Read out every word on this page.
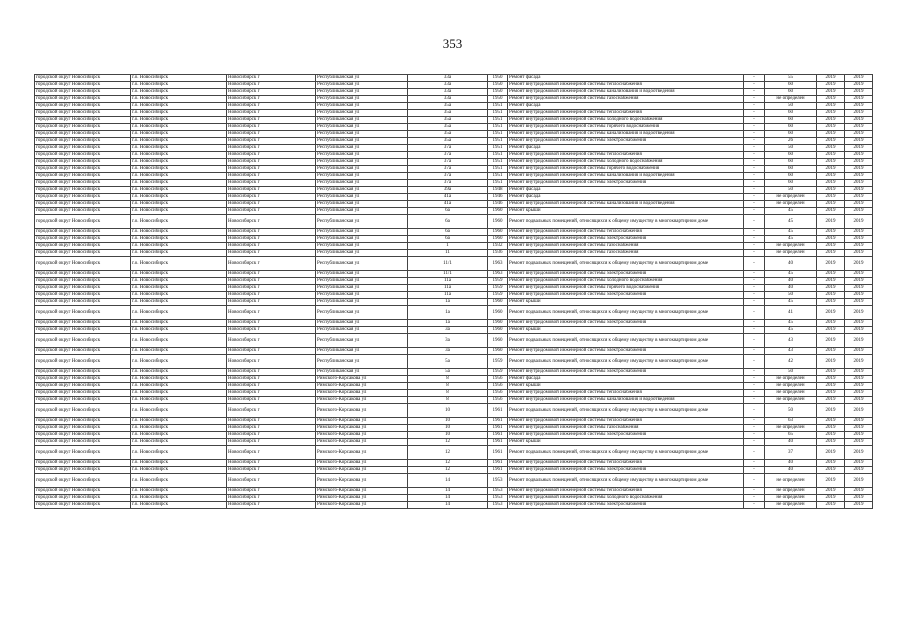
353
городской округ Новосибирск	г.о. Новосибирск	Новосибирск г	Республиканская ул	33а	1950	Ремонт фасада	-	55	2019	2019
городской округ Новосибирск	г.о. Новосибирск	Новосибирск г	Республиканская ул	33а	1950	Ремонт внутридомовой инженерной системы теплоснабжения	-	60	2019	2019
городской округ Новосибирск	г.о. Новосибирск	Новосибирск г	Республиканская ул	33а	1950	Ремонт внутридомовой инженерной системы канализования и водоотведения	-	60	2019	2019
городской округ Новосибирск	г.о. Новосибирск	Новосибирск г	Республиканская ул	33а	1950	Ремонт внутридомовой инженерной системы газоснабжения	-	не определен	2019	2019
городской округ Новосибирск	г.о. Новосибирск	Новосибирск г	Республиканская ул	35а	1951	Ремонт фасада	-	50	2019	2019
городской округ Новосибирск	г.о. Новосибирск	Новосибирск г	Республиканская ул	35а	1951	Ремонт внутридомовой инженерной системы теплоснабжения	-	60	2019	2019
городской округ Новосибирск	г.о. Новосибирск	Новосибирск г	Республиканская ул	35а	1951	Ремонт внутридомовой инженерной системы холодного водоснабжения	-	60	2019	2019
городской округ Новосибирск	г.о. Новосибирск	Новосибирск г	Республиканская ул	35а	1951	Ремонт внутридомовой инженерной системы горячего водоснабжения	-	60	2019	2019
городской округ Новосибирск	г.о. Новосибирск	Новосибирск г	Республиканская ул	35а	1951	Ремонт внутридомовой инженерной системы канализования и водоотведения	-	60	2019	2019
городской округ Новосибирск	г.о. Новосибирск	Новосибирск г	Республиканская ул	35а	1951	Ремонт внутридомовой инженерной системы электроснабжения	-	26	2019	2019
городской округ Новосибирск	г.о. Новосибирск	Новосибирск г	Республиканская ул	37а	1951	Ремонт фасада	-	50	2019	2019
городской округ Новосибирск	г.о. Новосибирск	Новосибирск г	Республиканская ул	37а	1951	Ремонт внутридомовой инженерной системы теплоснабжения	-	60	2019	2019
городской округ Новосибирск	г.о. Новосибирск	Новосибирск г	Республиканская ул	37а	1951	Ремонт внутридомовой инженерной системы холодного водоснабжения	-	60	2019	2019
городской округ Новосибирск	г.о. Новосибирск	Новосибирск г	Республиканская ул	37а	1951	Ремонт внутридомовой инженерной системы горячего водоснабжения	-	60	2019	2019
городской округ Новосибирск	г.о. Новосибирск	Новосибирск г	Республиканская ул	37а	1951	Ремонт внутридомовой инженерной системы канализования и водоотведения	-	60	2019	2019
городской округ Новосибирск	г.о. Новосибирск	Новосибирск г	Республиканская ул	37а	1951	Ремонт внутридомовой инженерной системы электроснабжения	-	60	2019	2019
городской округ Новосибирск	г.о. Новосибирск	Новосибирск г	Республиканская ул	39а	1948	Ремонт фасада	-	50	2019	2019
городской округ Новосибирск	г.о. Новосибирск	Новосибирск г	Республиканская ул	41а	1946	Ремонт фасада	-	не определен	2019	2019
городской округ Новосибирск	г.о. Новосибирск	Новосибирск г	Республиканская ул	41а	1946	Ремонт внутридомовой инженерной системы канализования и водоотведения	-	не определен	2019	2019
городской округ Новосибирск	г.о. Новосибирск	Новосибирск г	Республиканская ул	6а	1960	Ремонт крыши	-	45	2019	2019
городской округ Новосибирск	г.о. Новосибирск	Новосибирск г	Республиканская ул	6а	1960	Ремонт подвальных помещений, относящихся к общему имуществу в многоквартирном доме	-	45	2019	2019
городской округ Новосибирск	г.о. Новосибирск	Новосибирск г	Республиканская ул	6а	1960	Ремонт внутридомовой инженерной системы теплоснабжения	-	45	2019	2019
городской округ Новосибирск	г.о. Новосибирск	Новосибирск г	Республиканская ул	6а	1960	Ремонт внутридомовой инженерной системы электроснабжения	-	45	2019	2019
городской округ Новосибирск	г.о. Новосибирск	Новосибирск г	Республиканская ул	1	1932	Ремонт внутридомовой инженерной системы газоснабжения	-	не определен	2019	2019
городской округ Новосибирск	г.о. Новосибирск	Новосибирск г	Республиканская ул	11	1936	Ремонт внутридомовой инженерной системы газоснабжения	-	не определен	2019	2019
городской округ Новосибирск	г.о. Новосибирск	Новосибирск г	Республиканская ул	11/1	1963	Ремонт подвальных помещений, относящихся к общему имуществу в многоквартирном доме	-	40	2019	2019
городской округ Новосибирск	г.о. Новосибирск	Новосибирск г	Республиканская ул	11/1	1963	Ремонт внутридомовой инженерной системы электроснабжения	-	45	2019	2019
городской округ Новосибирск	г.о. Новосибирск	Новосибирск г	Республиканская ул	11а	1959	Ремонт внутридомовой инженерной системы холодного водоснабжения	-	40	2019	2019
городской округ Новосибирск	г.о. Новосибирск	Новосибирск г	Республиканская ул	11а	1959	Ремонт внутридомовой инженерной системы горячего водоснабжения	-	40	2019	2019
городской округ Новосибирск	г.о. Новосибирск	Новосибирск г	Республиканская ул	11а	1959	Ремонт внутридомовой инженерной системы электроснабжения	-	50	2019	2019
городской округ Новосибирск	г.о. Новосибирск	Новосибирск г	Республиканская ул	1а	1960	Ремонт крыши	-	45	2019	2019
городской округ Новосибирск	г.о. Новосибирск	Новосибирск г	Республиканская ул	1а	1960	Ремонт подвальных помещений, относящихся к общему имуществу в многоквартирном доме	-	41	2019	2019
городской округ Новосибирск	г.о. Новосибирск	Новосибирск г	Республиканская ул	1а	1960	Ремонт внутридомовой инженерной системы электроснабжения	-	45	2019	2019
городской округ Новосибирск	г.о. Новосибирск	Новосибирск г	Республиканская ул	3а	1960	Ремонт крыши	-	45	2019	2019
городской округ Новосибирск	г.о. Новосибирск	Новосибирск г	Республиканская ул	3а	1960	Ремонт подвальных помещений, относящихся к общему имуществу в многоквартирном доме	-	43	2019	2019
городской округ Новосибирск	г.о. Новосибирск	Новосибирск г	Республиканская ул	3а	1960	Ремонт внутридомовой инженерной системы электроснабжения	-	43	2019	2019
городской округ Новосибирск	г.о. Новосибирск	Новосибирск г	Республиканская ул	5а	1959	Ремонт подвальных помещений, относящихся к общему имуществу в многоквартирном доме	-	42	2019	2019
городской округ Новосибирск	г.о. Новосибирск	Новосибирск г	Республиканская ул	5а	1959	Ремонт внутридомовой инженерной системы электроснабжения	-	50	2019	2019
городской округ Новосибирск	г.о. Новосибирск	Новосибирск г	Римского-Корсакова ул	8	1956	Ремонт фасада	-	не определен	2019	2019
городской округ Новосибирск	г.о. Новосибирск	Новосибирск г	Римского-Корсакова ул	8	1956	Ремонт крыши	-	не определен	2019	2019
городской округ Новосибирск	г.о. Новосибирск	Новосибирск г	Римского-Корсакова ул	8	1956	Ремонт внутридомовой инженерной системы теплоснабжения	-	не определен	2019	2019
городской округ Новосибирск	г.о. Новосибирск	Новосибирск г	Римского-Корсакова ул	8	1956	Ремонт внутридомовой инженерной системы канализования и водоотведения	-	не определен	2019	2019
городской округ Новосибирск	г.о. Новосибирск	Новосибирск г	Римского-Корсакова ул	10	1961	Ремонт подвальных помещений, относящихся к общему имуществу в многоквартирном доме	-	50	2019	2019
городской округ Новосибирск	г.о. Новосибирск	Новосибирск г	Римского-Корсакова ул	10	1961	Ремонт внутридомовой инженерной системы теплоснабжения	-	63	2019	2019
городской округ Новосибирск	г.о. Новосибирск	Новосибирск г	Римского-Корсакова ул	10	1961	Ремонт внутридомовой инженерной системы газоснабжения	-	не определен	2019	2019
городской округ Новосибирск	г.о. Новосибирск	Новосибирск г	Римского-Корсакова ул	10	1961	Ремонт внутридомовой инженерной системы электроснабжения	-	65	2019	2019
городской округ Новосибирск	г.о. Новосибирск	Новосибирск г	Римского-Корсакова ул	12	1961	Ремонт крыши	-	40	2019	2019
городской округ Новосибирск	г.о. Новосибирск	Новосибирск г	Римского-Корсакова ул	12	1961	Ремонт подвальных помещений, относящихся к общему имуществу в многоквартирном доме	-	37	2019	2019
городской округ Новосибирск	г.о. Новосибирск	Новосибирск г	Римского-Корсакова ул	12	1961	Ремонт внутридомовой инженерной системы теплоснабжения	-	40	2019	2019
городской округ Новосибирск	г.о. Новосибирск	Новосибирск г	Римского-Корсакова ул	12	1961	Ремонт внутридомовой инженерной системы электроснабжения	-	40	2019	2019
городской округ Новосибирск	г.о. Новосибирск	Новосибирск г	Римского-Корсакова ул	14	1953	Ремонт подвальных помещений, относящихся к общему имуществу в многоквартирном доме	-	не определен	2019	2019
городской округ Новосибирск	г.о. Новосибирск	Новосибирск г	Римского-Корсакова ул	14	1953	Ремонт внутридомовой инженерной системы теплоснабжения	-	не определен	2019	2019
городской округ Новосибирск	г.о. Новосибирск	Новосибирск г	Римского-Корсакова ул	14	1953	Ремонт внутридомовой инженерной системы холодного водоснабжения	-	не определен	2019	2019
городской округ Новосибирск	г.о. Новосибирск	Новосибирск г	Римского-Корсакова ул	14	1953	Ремонт внутридомовой инженерной системы электроснабжения	-	не определен	2019	2019
